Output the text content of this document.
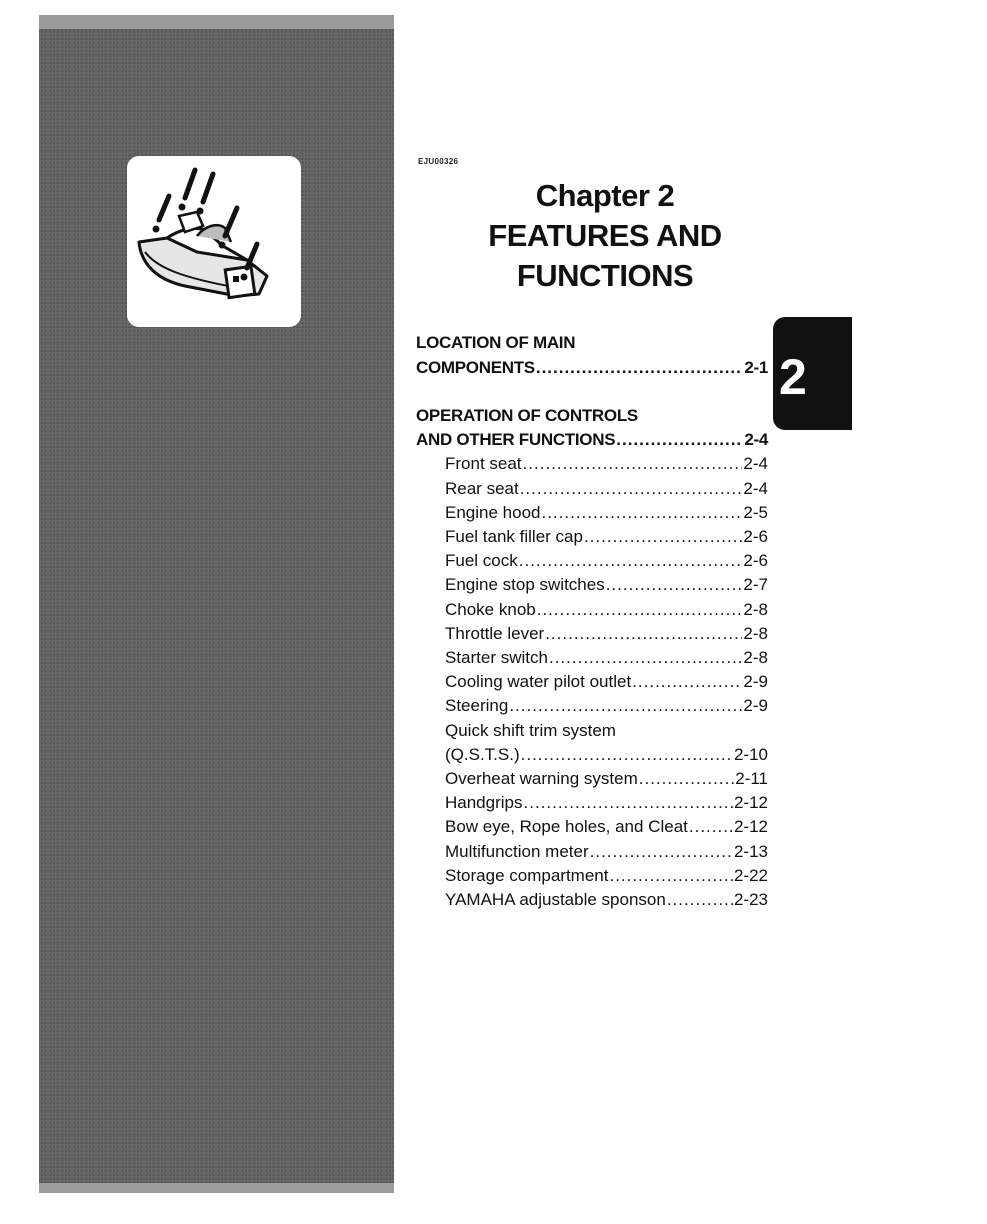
EJU00326
Chapter 2
FEATURES AND
FUNCTIONS
2
LOCATION OF MAIN
COMPONENTS .....	2-1
OPERATION OF CONTROLS
AND OTHER FUNCTIONS .....	2-4
Front seat .....	2-4
Rear seat .....	2-4
Engine hood .....	2-5
Fuel tank filler cap .....	2-6
Fuel cock .....	2-6
Engine stop switches .....	2-7
Choke knob .....	2-8
Throttle lever .....	2-8
Starter switch .....	2-8
Cooling water pilot outlet .....	2-9
Steering .....	2-9
Quick shift trim system
(Q.S.T.S.) .....	2-10
Overheat warning system .....	2-11
Handgrips .....	2-12
Bow eye, Rope holes, and Cleat .....	2-12
Multifunction meter .....	2-13
Storage compartment .....	2-22
YAMAHA adjustable sponson .....	2-23
